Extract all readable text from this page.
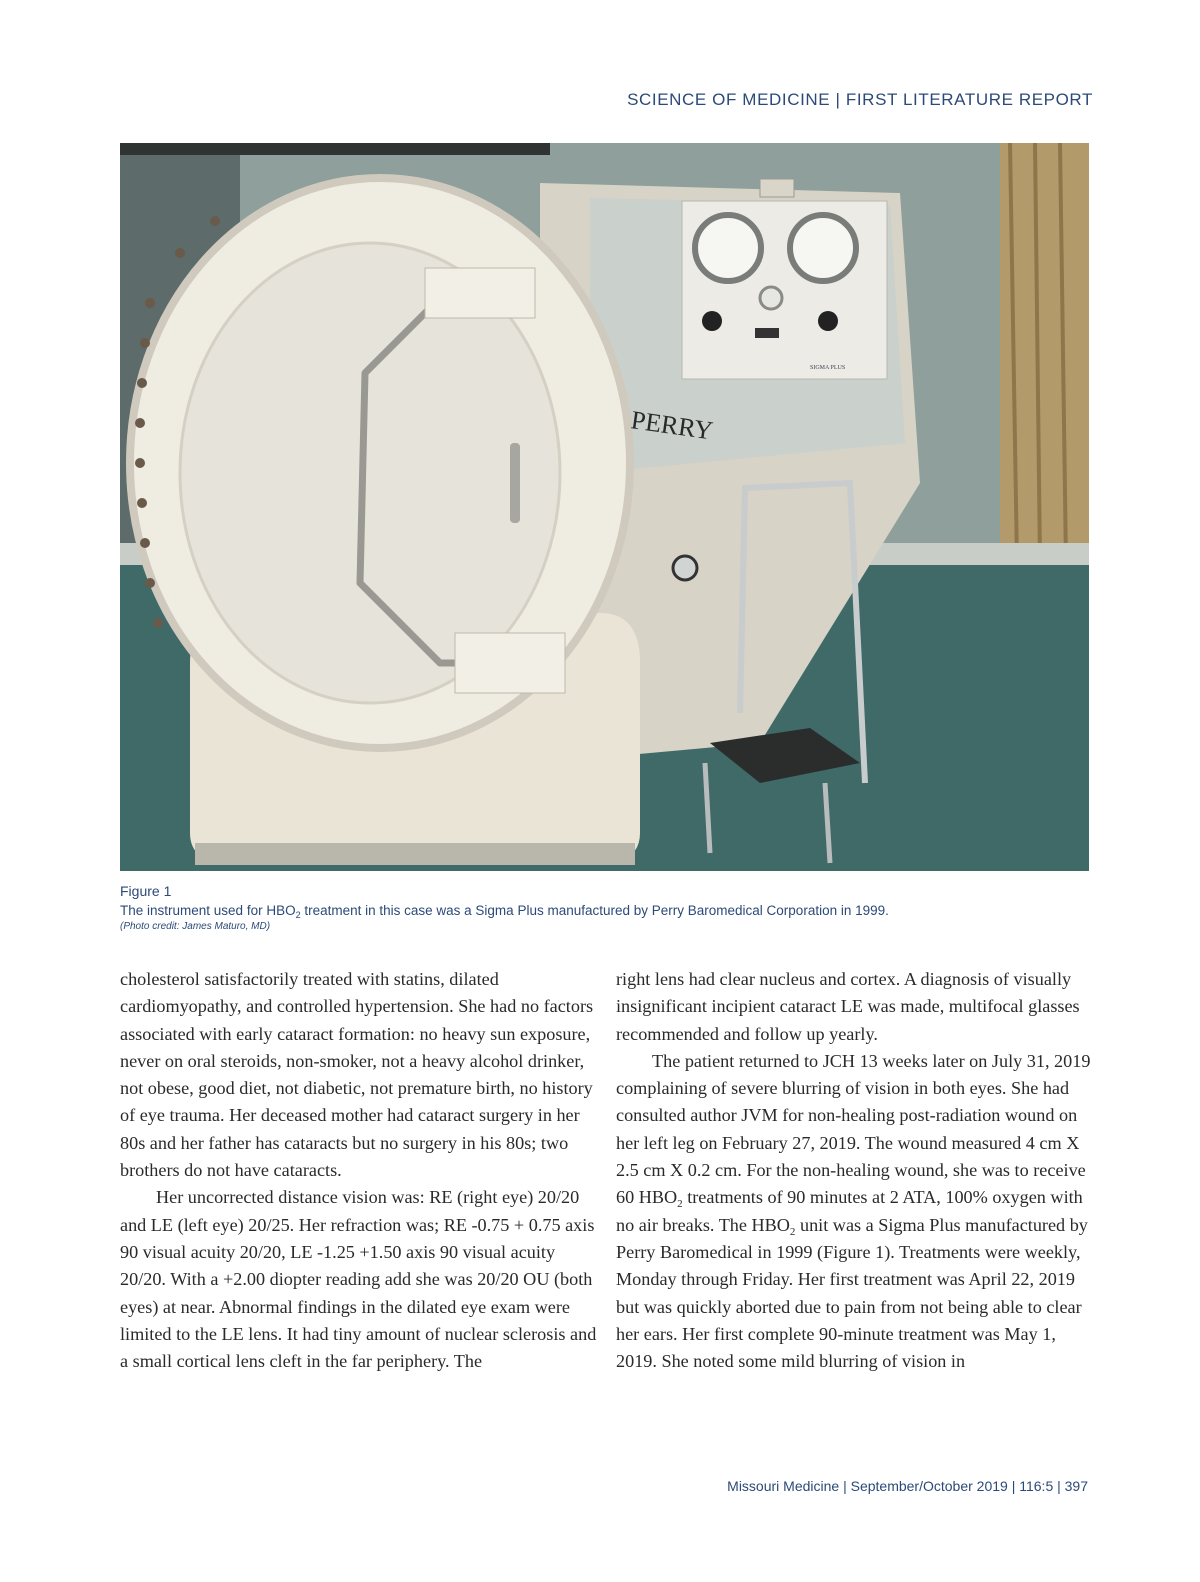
SCIENCE OF MEDICINE | FIRST LITERATURE REPORT
SIGMA PLUS
PERRY
Figure 1
The instrument used for $HBO_2$ treatment in this case was a Sigma Plus manufactured by Perry Baromedical Corporation in 1999.
(Photo credit: James Maturo, MD)

cholesterol satisfactorily treated with statins, dilated cardiomyopathy, and controlled hypertension. She had no factors associated with early cataract formation: no heavy sun exposure, never on oral steroids, non-smoker, not a heavy alcohol drinker, not obese, good diet, not diabetic, not premature birth, no history of eye trauma. Her deceased mother had cataract surgery in her 80s and her father has cataracts but no surgery in his 80s; two brothers do not have cataracts.

Her uncorrected distance vision was: RE (right eye) 20/20 and LE (left eye) 20/25. Her refraction was; RE -0.75 + 0.75 axis 90 visual acuity 20/20, LE -1.25 +1.50 axis 90 visual acuity 20/20. With a +2.00 diopter reading add she was 20/20 OU (both eyes) at near. Abnormal findings in the dilated eye exam were limited to the LE lens. It had tiny amount of nuclear sclerosis and a small cortical lens cleft in the far periphery. The

right lens had clear nucleus and cortex. A diagnosis of visually insignificant incipient cataract LE was made, multifocal glasses recommended and follow up yearly.

The patient returned to JCH 13 weeks later on July 31, 2019 complaining of severe blurring of vision in both eyes. She had consulted author JVM for non-healing post-radiation wound on her left leg on February 27, 2019. The wound measured 4 cm X 2.5 cm X 0.2 cm. For the non-healing wound, she was to receive 60 $HBO_2$ treatments of 90 minutes at 2 ATA, 100% oxygen with no air breaks. The $HBO_2$ unit was a Sigma Plus manufactured by Perry Baromedical in 1999 (Figure 1). Treatments were weekly, Monday through Friday. Her first treatment was April 22, 2019 but was quickly aborted due to pain from not being able to clear her ears. Her first complete 90-minute treatment was May 1, 2019. She noted some mild blurring of vision in

Missouri Medicine | September/October 2019 | 116:5 | 397
